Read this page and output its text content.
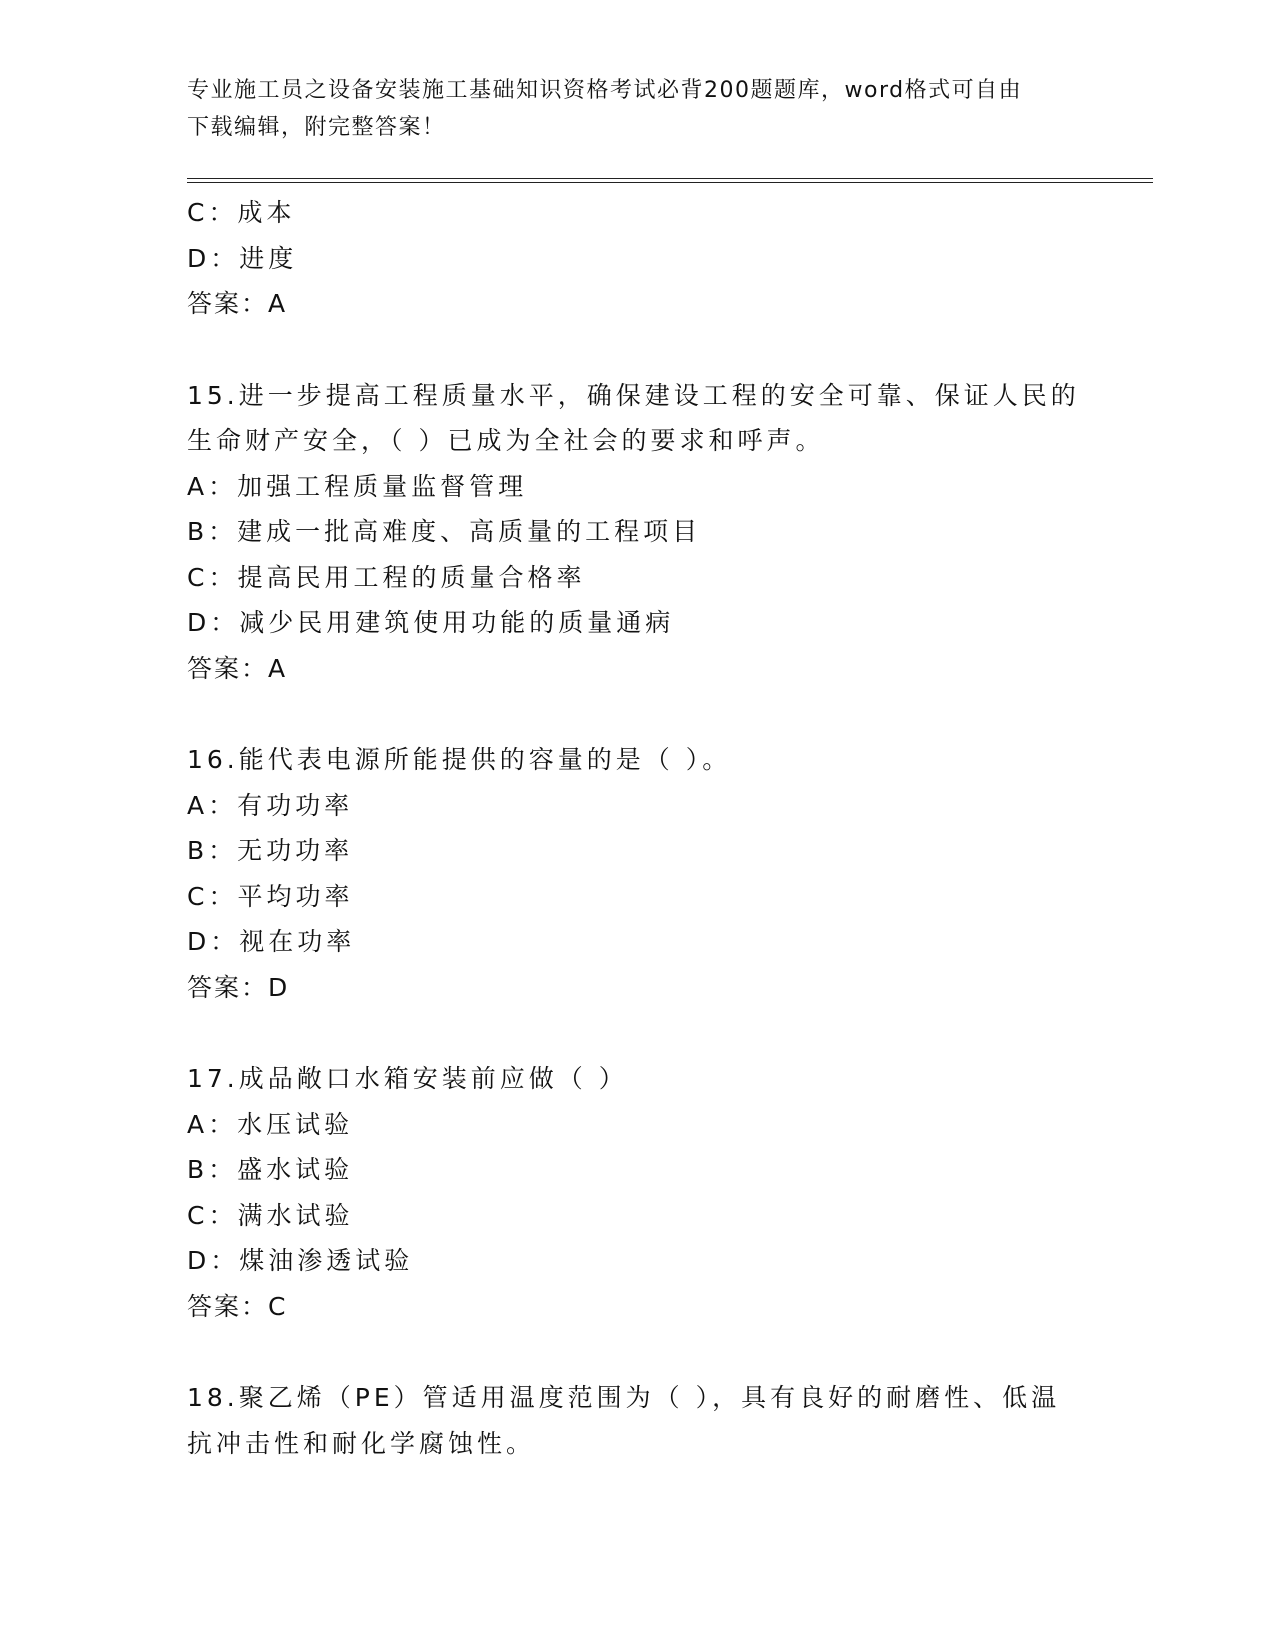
专业施工员之设备安装施工基础知识资格考试必背200题题库，word格式可自由
下载编辑，附完整答案！
C：成本
D：进度
答案：A
15.进一步提高工程质量水平，确保建设工程的安全可靠、保证人民的
生命财产安全，（ ）已成为全社会的要求和呼声。
A：加强工程质量监督管理
B：建成一批高难度、高质量的工程项目
C：提高民用工程的质量合格率
D：减少民用建筑使用功能的质量通病
答案：A
16.能代表电源所能提供的容量的是（ ）。
A：有功功率
B：无功功率
C：平均功率
D：视在功率
答案：D
17.成品敞口水箱安装前应做（ ）
A：水压试验
B：盛水试验
C：满水试验
D：煤油渗透试验
答案：C
18.聚乙烯（PE）管适用温度范围为（ ），具有良好的耐磨性、低温
抗冲击性和耐化学腐蚀性。
